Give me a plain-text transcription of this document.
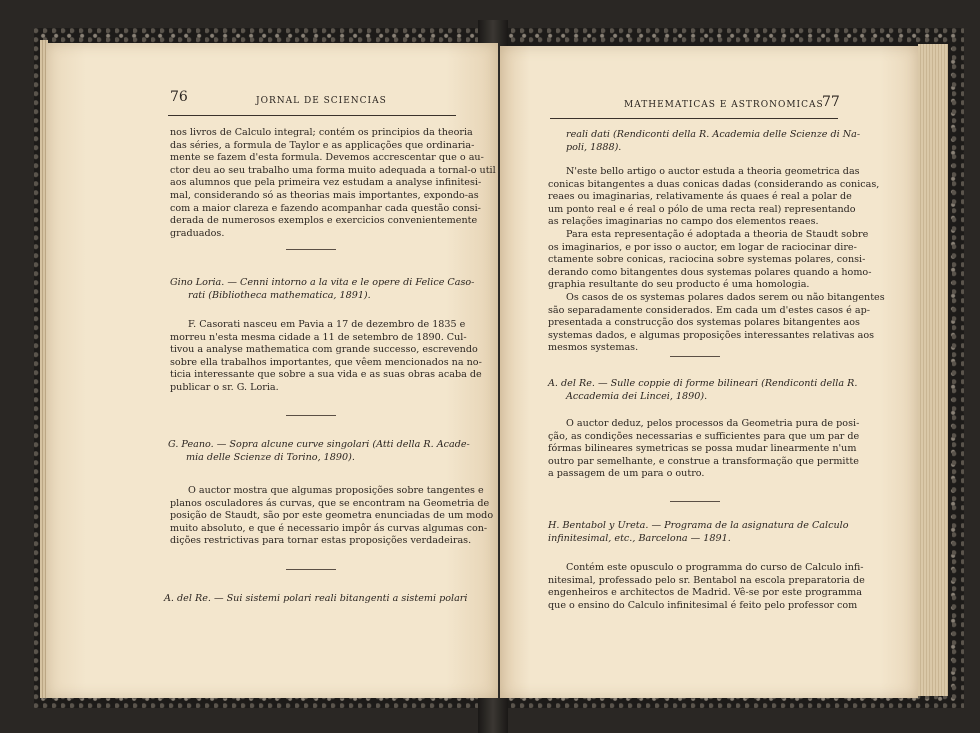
76	JORNAL DE SCIENCIAS
nos livros de Calculo integral; contém os principios da theoria
das séries, a formula de Taylor e as applicações que ordinaria-
mente se fazem d'esta formula. Devemos accrescentar que o au-
ctor deu ao seu trabalho uma forma muito adequada a tornal-o util
aos alumnos que pela primeira vez estudam a analyse infinitesi-
mal, considerando só as theorias mais importantes, expondo-as
com a maior clareza e fazendo acompanhar cada questão consi-
derada de numerosos exemplos e exercicios convenientemente
graduados.
Gino Loria. — Cenni intorno a la vita e le opere di Felice Caso-
rati (Bibliotheca mathematica, 1891).
F. Casorati nasceu em Pavia a 17 de dezembro de 1835 e
morreu n'esta mesma cidade a 11 de setembro de 1890. Cul-
tivou a analyse mathematica com grande successo, escrevendo
sobre ella trabalhos importantes, que vêem mencionados na no-
ticia interessante que sobre a sua vida e as suas obras acaba de
publicar o sr. G. Loria.
G. Peano. — Sopra alcune curve singolari (Atti della R. Acade-
mia delle Scienze di Torino, 1890).
O auctor mostra que algumas proposições sobre tangentes e
planos osculadores ás curvas, que se encontram na Geometria de
posição de Staudt, são por este geometra enunciadas de um modo
muito absoluto, e que é necessario impôr ás curvas algumas con-
dições restrictivas para tornar estas proposições verdadeiras.
A. del Re. — Sui sistemi polari reali bitangenti a sistemi polari
MATHEMATICAS E ASTRONOMICAS
77
reali dati (Rendiconti della R. Academia delle Scienze di Na-
poli, 1888).
N'este bello artigo o auctor estuda a theoria geometrica das
conicas bitangentes a duas conicas dadas (considerando as conicas,
reaes ou imaginarias, relativamente ás quaes é real a polar de
um ponto real e é real o pólo de uma recta real) representando
as relações imaginarias no campo dos elementos reaes.
Para esta representação é adoptada a theoria de Staudt sobre
os imaginarios, e por isso o auctor, em logar de raciocinar dire-
ctamente sobre conicas, raciocina sobre systemas polares, consi-
derando como bitangentes dous systemas polares quando a homo-
graphia resultante do seu producto é uma homologia.
Os casos de os systemas polares dados serem ou não bitangentes
são separadamente considerados. Em cada um d'estes casos é ap-
presentada a construcção dos systemas polares bitangentes aos
systemas dados, e algumas proposições interessantes relativas aos
mesmos systemas.
A. del Re. — Sulle coppie di forme bilineari (Rendiconti della R.
Accademia dei Lincei, 1890).
O auctor deduz, pelos processos da Geometria pura de posi-
ção, as condições necessarias e sufficientes para que um par de
fórmas bilineares symetricas se possa mudar linearmente n'um
outro par semelhante, e construe a transformação que permitte
a passagem de um para o outro.
H. Bentabol y Ureta. — Programa de la asignatura de Calculo
infinitesimal, etc., Barcelona — 1891.
Contém este opusculo o programma do curso de Calculo infi-
nitesimal, professado pelo sr. Bentabol na escola preparatoria de
engenheiros e architectos de Madrid. Vê-se por este programma
que o ensino do Calculo infinitesimal é feito pelo professor com
